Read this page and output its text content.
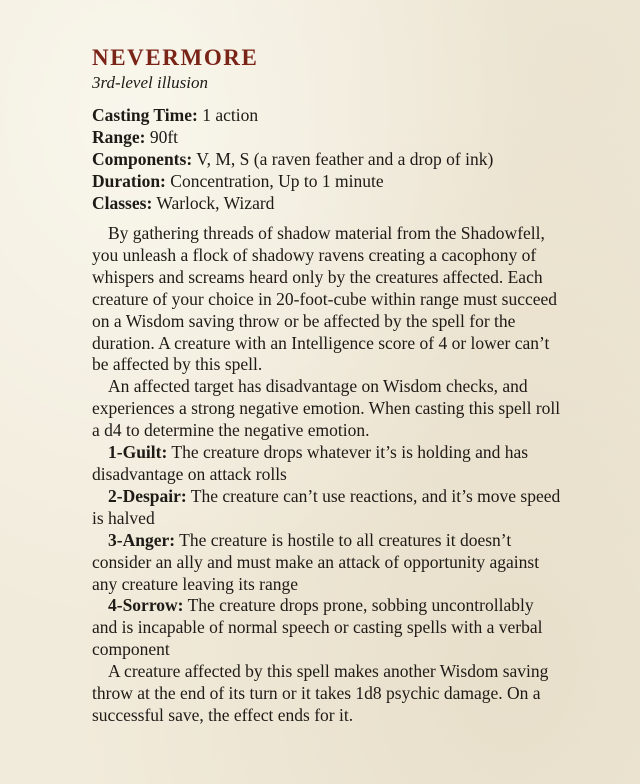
NEVERMORE
3rd-level illusion
Casting Time: 1 action
Range: 90ft
Components: V, M, S (a raven feather and a drop of ink)
Duration: Concentration, Up to 1 minute
Classes: Warlock, Wizard

By gathering threads of shadow material from the Shadowfell, you unleash a flock of shadowy ravens creating a cacophony of whispers and screams heard only by the creatures affected. Each creature of your choice in 20-foot-cube within range must succeed on a Wisdom saving throw or be affected by the spell for the duration. A creature with an Intelligence score of 4 or lower can’t be affected by this spell.

An affected target has disadvantage on Wisdom checks, and experiences a strong negative emotion. When casting this spell roll a d4 to determine the negative emotion.

1-Guilt: The creature drops whatever it’s is holding and has disadvantage on attack rolls

2-Despair: The creature can’t use reactions, and it’s move speed is halved

3-Anger: The creature is hostile to all creatures it doesn’t consider an ally and must make an attack of opportunity against any creature leaving its range

4-Sorrow: The creature drops prone, sobbing uncontrollably and is incapable of normal speech or casting spells with a verbal component

A creature affected by this spell makes another Wisdom saving throw at the end of its turn or it takes 1d8 psychic damage. On a successful save, the effect ends for it.
